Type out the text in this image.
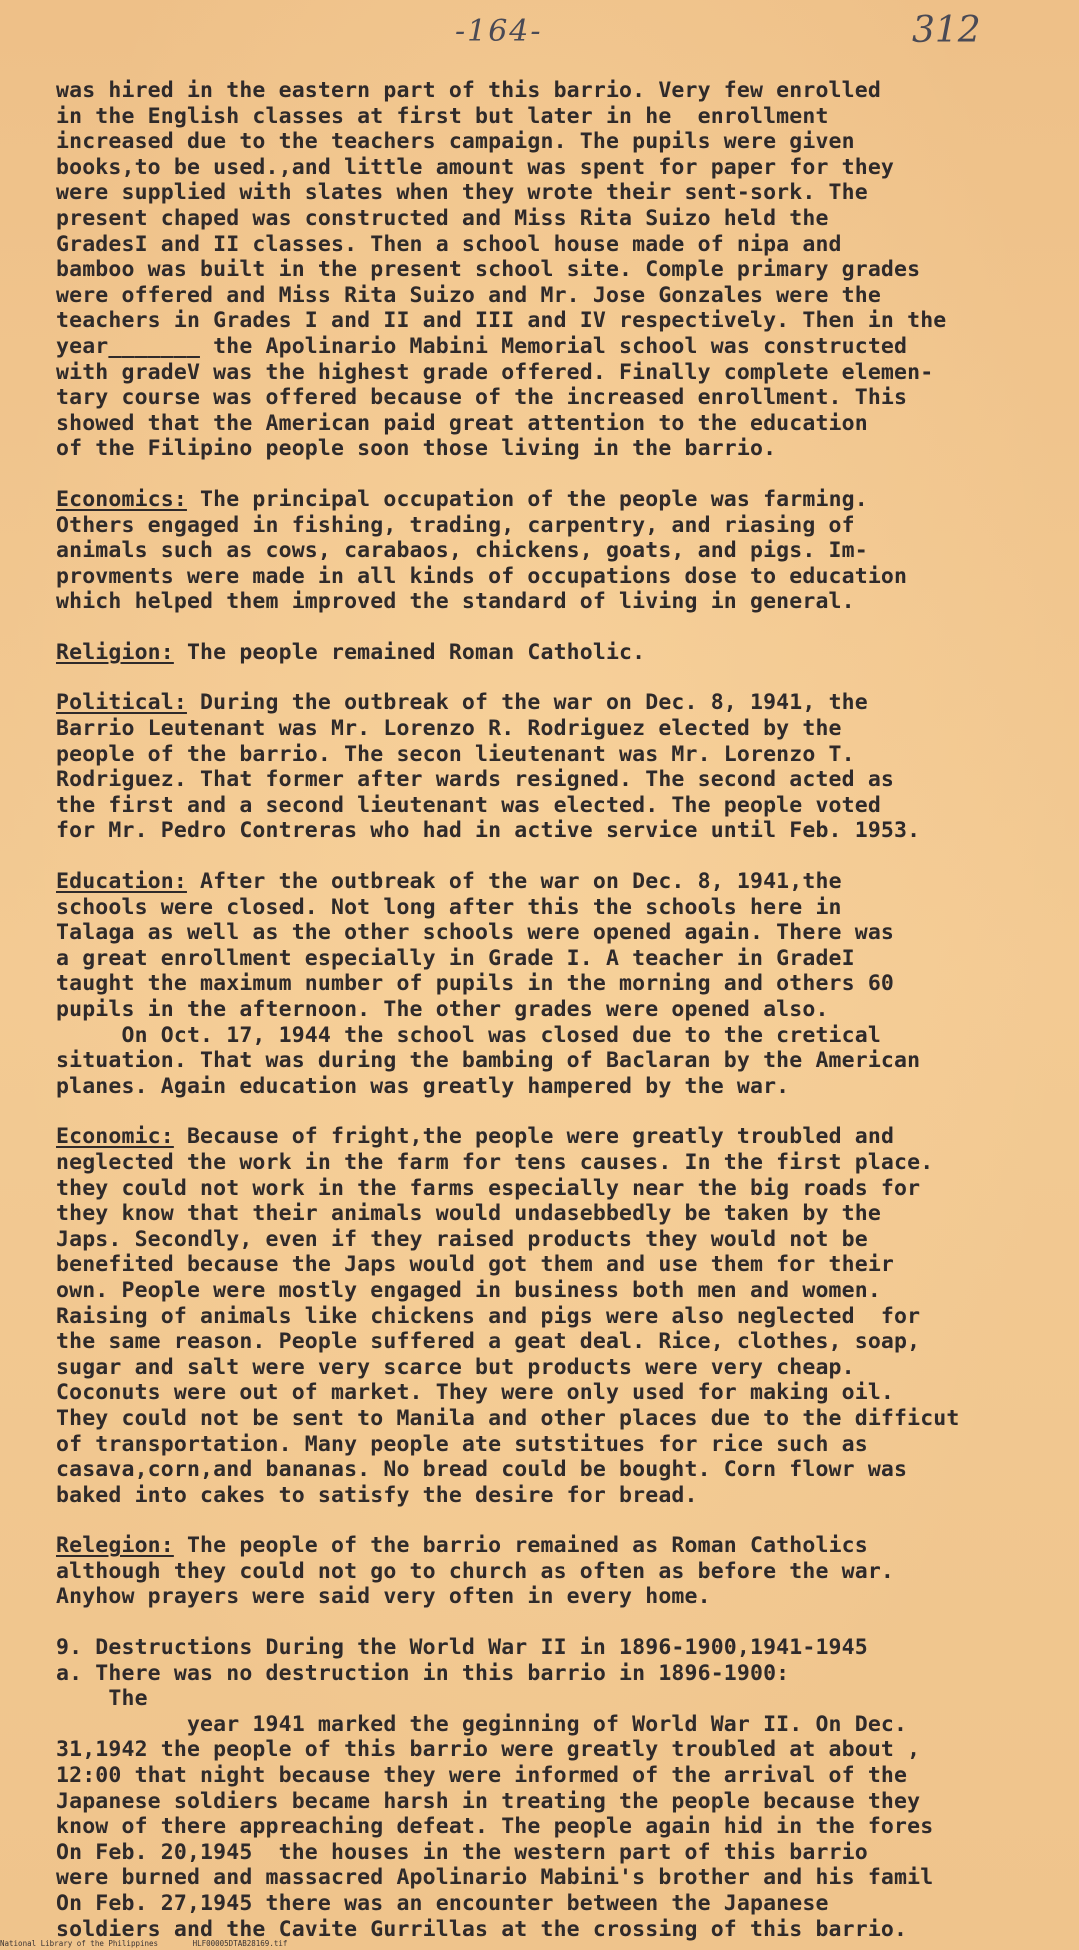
-164-	312
was hired in the eastern part of this barrio. Very few enrolled
in the English classes at first but later in he  enrollment
increased due to the teachers campaign. The pupils were given
books,to be used.,and little amount was spent for paper for they
were supplied with slates when they wrote their sent-sork. The
present chaped was constructed and Miss Rita Suizo held the
GradesI and II classes. Then a school house made of nipa and
bamboo was built in the present school site. Comple primary grades
were offered and Miss Rita Suizo and Mr. Jose Gonzales were the
teachers in Grades I and II and III and IV respectively. Then in the
year_______ the Apolinario Mabini Memorial school was constructed
with gradeV was the highest grade offered. Finally complete elemen-
tary course was offered because of the increased enrollment. This
showed that the American paid great attention to the education
of the Filipino people soon those living in the barrio.
Economics: The principal occupation of the people was farming.
Others engaged in fishing, trading, carpentry, and riasing of
animals such as cows, carabaos, chickens, goats, and pigs. Im-
provments were made in all kinds of occupations dose to education
which helped them improved the standard of living in general.
Religion: The people remained Roman Catholic.
Political: During the outbreak of the war on Dec. 8, 1941, the
Barrio Leutenant was Mr. Lorenzo R. Rodriguez elected by the
people of the barrio. The secon lieutenant was Mr. Lorenzo T.
Rodriguez. That former after wards resigned. The second acted as
the first and a second lieutenant was elected. The people voted
for Mr. Pedro Contreras who had in active service until Feb. 1953.
Education: After the outbreak of the war on Dec. 8, 1941,the
schools were closed. Not long after this the schools here in
Talaga as well as the other schools were opened again. There was
a great enrollment especially in Grade I. A teacher in GradeI
taught the maximum number of pupils in the morning and others 60
pupils in the afternoon. The other grades were opened also.
On Oct. 17, 1944 the school was closed due to the cretical
situation. That was during the bambing of Baclaran by the American
planes. Again education was greatly hampered by the war.
Economic: Because of fright,the people were greatly troubled and
neglected the work in the farm for tens causes. In the first place.
they could not work in the farms especially near the big roads for
they know that their animals would undasebbedly be taken by the
Japs. Secondly, even if they raised products they would not be
benefited because the Japs would got them and use them for their
own. People were mostly engaged in business both men and women.
Raising of animals like chickens and pigs were also neglected  for
the same reason. People suffered a geat deal. Rice, clothes, soap,
sugar and salt were very scarce but products were very cheap.
Coconuts were out of market. They were only used for making oil.
They could not be sent to Manila and other places due to the difficut
of transportation. Many people ate sutstitues for rice such as
casava,corn,and bananas. No bread could be bought. Corn flowr was
baked into cakes to satisfy the desire for bread.
Relegion: The people of the barrio remained as Roman Catholics
although they could not go to church as often as before the war.
Anyhow prayers were said very often in every home.
9. Destructions During the World War II in 1896-1900,1941-1945
a. There was no destruction in this barrio in 1896-1900:
The
year 1941 marked the geginning of World War II. On Dec.
31,1942 the people of this barrio were greatly troubled at about ,
12:00 that night because they were informed of the arrival of the
Japanese soldiers became harsh in treating the people because they
know of there appreaching defeat. The people again hid in the fores
On Feb. 20,1945  the houses in the western part of this barrio
were burned and massacred Apolinario Mabini's brother and his famil
On Feb. 27,1945 there was an encounter between the Japanese
soldiers and the Cavite Gurrillas at the crossing of this barrio.
National Library of the Philippines	HLF00005DTAB28169.tif
